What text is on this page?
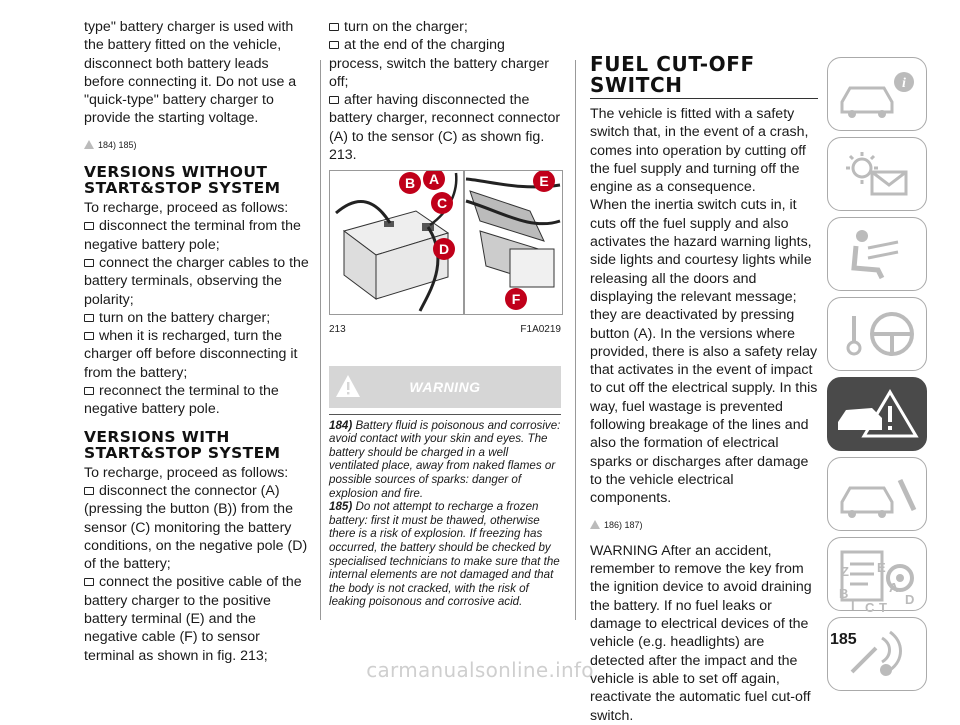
type" battery charger is used with the battery fitted on the vehicle, disconnect both battery leads before connecting it. Do not use a "quick-type" battery charger to provide the starting voltage.

184) 185)
VERSIONS WITHOUT START&STOP SYSTEM

To recharge, proceed as follows:

disconnect the terminal from the negative battery pole;

connect the charger cables to the battery terminals, observing the polarity;

turn on the battery charger;

when it is recharged, turn the charger off before disconnecting it from the battery;

reconnect the terminal to the negative battery pole.

VERSIONS WITH START&STOP SYSTEM

To recharge, proceed as follows:

disconnect the connector (A) (pressing the button (B)) from the sensor (C) monitoring the battery conditions, on the negative pole (D) of the battery;

connect the positive cable of the battery charger to the positive battery terminal (E) and the negative cable (F) to sensor terminal as shown in fig. 213;

turn on the charger;

at the end of the charging process, switch the battery charger off;

after having disconnected the battery charger, reconnect connector (A) to the sensor (C) as shown fig. 213.

B A
C
D
E
F
213	F1A0219
WARNING

184) Battery fluid is poisonous and corrosive: avoid contact with your skin and eyes. The battery should be charged in a well ventilated place, away from naked flames or possible sources of sparks: danger of explosion and fire.

185) Do not attempt to recharge a frozen battery: first it must be thawed, otherwise there is a risk of explosion. If freezing has occurred, the battery should be checked by specialised technicians to make sure that the internal elements are not damaged and that the body is not cracked, with the risk of leaking poisonous and corrosive acid.

FUEL CUT-OFF SWITCH

The vehicle is fitted with a safety switch that, in the event of a crash, comes into operation by cutting off the fuel supply and turning off the engine as a consequence.

When the inertia switch cuts in, it cuts off the fuel supply and also activates the hazard warning lights, side lights and courtesy lights while releasing all the doors and displaying the relevant message; they are deactivated by pressing button (A). In the versions where provided, there is also a safety relay that activates in the event of impact to cut off the electrical supply. In this way, fuel wastage is prevented following breakage of the lines and also the formation of electrical sparks or discharges after damage to the vehicle electrical components.

186) 187)

WARNING After an accident, remember to remove the key from the ignition device to avoid draining the battery. If no fuel leaks or damage to electrical devices of the vehicle (e.g. headlights) are detected after the impact and the vehicle is able to set off again, reactivate the automatic fuel cut-off switch.

i
Z E
A
B	D
I C T
185
carmanualsonline.info
